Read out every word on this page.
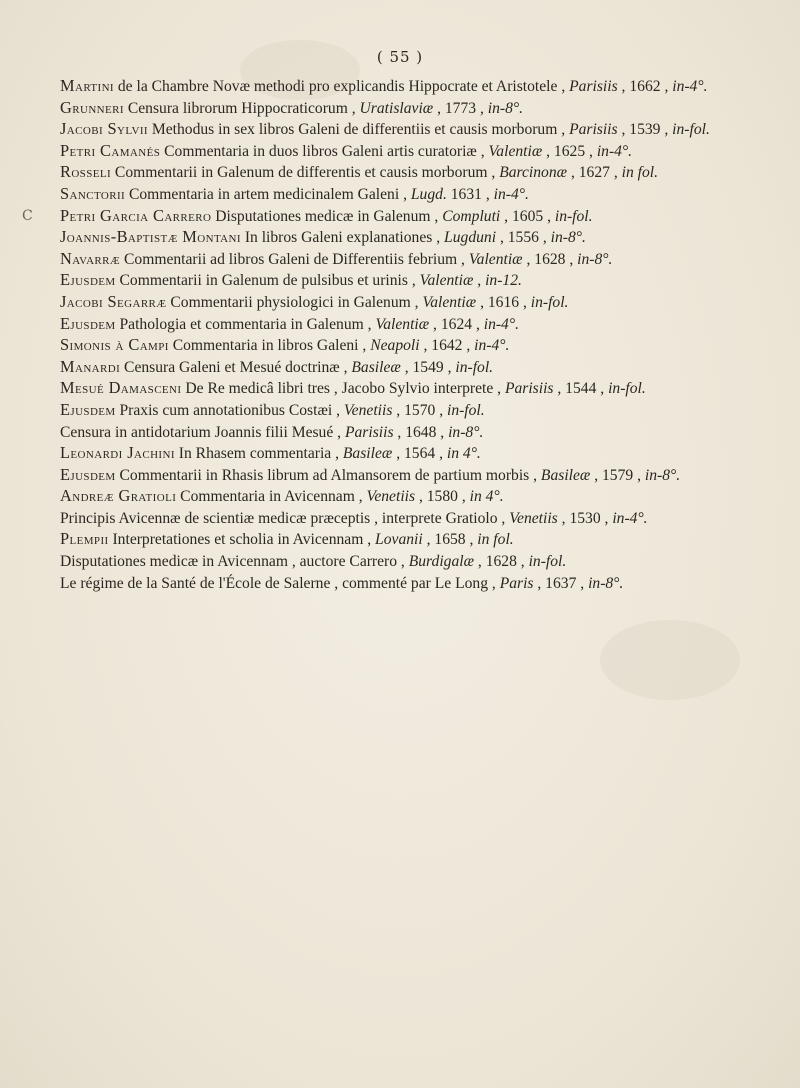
( 55 )
C

Martini de la Chambre Novæ methodi pro explicandis Hippocrate et Aristotele , Parisiis , 1662 , in-4°.

Grunneri Censura librorum Hippocraticorum , Uratislaviæ , 1773 , in-8°.

Jacobi Sylvii Methodus in sex libros Galeni de differentiis et causis morborum , Parisiis , 1539 , in-fol.

Petri Camanés Commentaria in duos libros Galeni artis curatoriæ , Valentiæ , 1625 , in-4°.

Rosseli Commentarii in Galenum de differentis et causis morborum , Barcinonæ , 1627 , in fol.

Sanctorii Commentaria in artem medicinalem Galeni , Lugd. 1631 , in-4°.

Petri Garcia Carrero Disputationes medicæ in Galenum , Compluti , 1605 , in-fol.

Joannis-Baptistæ Montani In libros Galeni explanationes , Lugduni , 1556 , in-8°.

Navarræ Commentarii ad libros Galeni de Differentiis febrium , Valentiæ , 1628 , in-8°.

Ejusdem Commentarii in Galenum de pulsibus et urinis , Valentiæ , in-12.

Jacobi Segarræ Commentarii physiologici in Galenum , Valentiæ , 1616 , in-fol.

Ejusdem Pathologia et commentaria in Galenum , Valentiæ , 1624 , in-4°.

Simonis à Campi Commentaria in libros Galeni , Neapoli , 1642 , in-4°.

Manardi Censura Galeni et Mesué doctrinæ , Basileæ , 1549 , in-fol.

Mesué Damasceni De Re medicâ libri tres , Jacobo Sylvio interprete , Parisiis , 1544 , in-fol.

Ejusdem Praxis cum annotationibus Costæi , Venetiis , 1570 , in-fol.

Censura in antidotarium Joannis filii Mesué , Parisiis , 1648 , in-8°.

Leonardi Jachini In Rhasem commentaria , Basileæ , 1564 , in 4°.

Ejusdem Commentarii in Rhasis librum ad Almansorem de partium morbis , Basileæ , 1579 , in-8°.

Andreæ Gratioli Commentaria in Avicennam , Venetiis , 1580 , in 4°.

Principis Avicennæ de scientiæ medicæ præceptis , interprete Gratiolo , Venetiis , 1530 , in-4°.

Plempii Interpretationes et scholia in Avicennam , Lovanii , 1658 , in fol.

Disputationes medicæ in Avicennam , auctore Carrero , Burdigalæ , 1628 , in-fol.

Le régime de la Santé de l'École de Salerne , commenté par Le Long , Paris , 1637 , in-8°.
